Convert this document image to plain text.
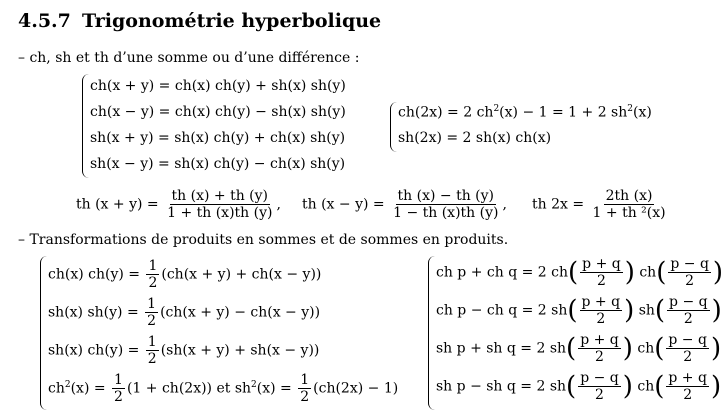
4.5.7 Trigonométrie hyperbolique
– ch, sh et th d’une somme ou d’une différence :
ch(x + y) = ch(x) ch(y) + sh(x) sh(y)
ch(x − y) = ch(x) ch(y) − sh(x) sh(y)
sh(x + y) = sh(x) ch(y) + ch(x) sh(y)
sh(x − y) = sh(x) ch(y) − ch(x) sh(y)
ch(2x) = 2 $ch^2(x) - 1 = 1 + 2$ $sh^2(x)$
sh(2x) = 2 sh(x) ch(x)
th $(x + y) = \frac{th (x) + th (y)}{1 + th (x)th (y)}$ , th $(x - y) = \frac{th (x) - th (y)}{1 - th (x)th (y)}$ , th $2x = \frac{2th (x)}{\text{1 + th ²(x)}}$
– Transformations de produits en sommes et de sommes en produits.
ch(x) $ch(y) = \frac{1}{2} (ch(x + y) + ch(x - y))$
sh(x) $sh(y) = \frac{1}{2} (ch(x + y) - ch(x - y))$
sh(x) $ch(y) = \frac{1}{2} (sh(x + y) + sh(x - y))$
$ch^2(x) = \frac{1}{2} (1 + ch(2x))$ et $sh^2(x) = \frac{1}{2} (ch(2x) - 1)$
ch p + ch q = 2 $ch( \frac{p + q}{2}$ ) $ch( \frac{p - q}{2}$ )
ch p − ch q = 2 $sh( \frac{p + q}{2}$ ) $sh( \frac{p - q}{2}$ )
sh p + sh q = 2 $sh( \frac{p + q}{2}$ ) $ch( \frac{p - q}{2}$ )
sh p − sh q = 2 $sh( \frac{p - q}{2}$ ) $ch( \frac{p + q}{2}$ )
